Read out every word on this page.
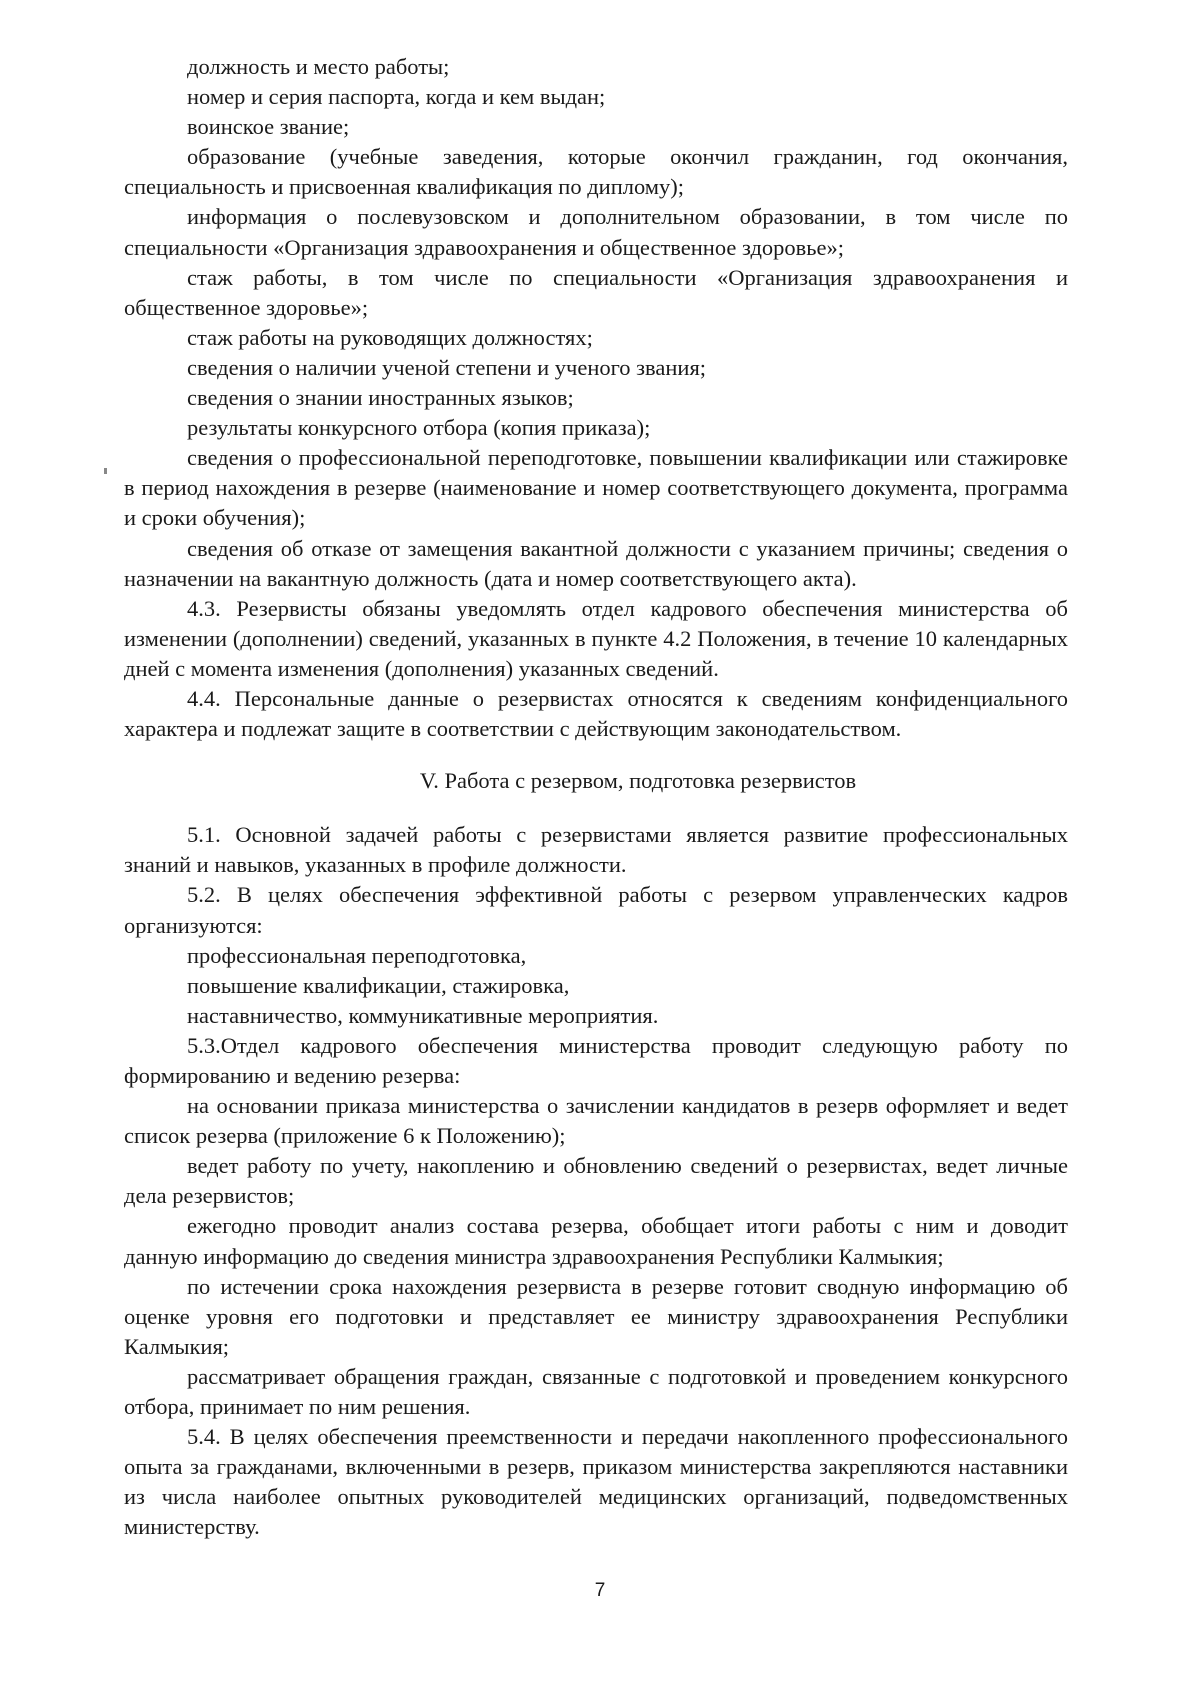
должность и место работы;

номер и серия паспорта, когда и кем выдан;

воинское звание;

образование (учебные заведения, которые окончил гражданин, год окончания, специальность и присвоенная квалификация по диплому);

информация о послевузовском и дополнительном образовании, в том числе по специальности «Организация здравоохранения и общественное здоровье»;

стаж работы, в том числе по специальности «Организация здравоохранения и общественное здоровье»;

стаж работы на руководящих должностях;

сведения о наличии ученой степени и ученого звания;

сведения о знании иностранных языков;

результаты конкурсного отбора (копия приказа);

сведения о профессиональной переподготовке, повышении квалификации или стажировке в период нахождения в резерве (наименование и номер соответствующего документа, программа и сроки обучения);

сведения об отказе от замещения вакантной должности с указанием причины; сведения о назначении на вакантную должность (дата и номер соответствующего акта).

4.3. Резервисты обязаны уведомлять отдел кадрового обеспечения министерства об изменении (дополнении) сведений, указанных в пункте 4.2 Положения, в течение 10 календарных дней с момента изменения (дополнения) указанных сведений.

4.4. Персональные данные о резервистах относятся к сведениям конфиденциального характера и подлежат защите в соответствии с действующим законодательством.

V. Работа с резервом, подготовка резервистов

5.1. Основной задачей работы с резервистами является развитие профессиональных знаний и навыков, указанных в профиле должности.

5.2. В целях обеспечения эффективной работы с резервом управленческих кадров организуются:

профессиональная переподготовка,

повышение квалификации, стажировка,

наставничество, коммуникативные мероприятия.

5.3.Отдел кадрового обеспечения министерства проводит следующую работу по формированию и ведению резерва:

на основании приказа министерства о зачислении кандидатов в резерв оформляет и ведет список резерва (приложение 6 к Положению);

ведет работу по учету, накоплению и обновлению сведений о резервистах, ведет личные дела резервистов;

ежегодно проводит анализ состава резерва, обобщает итоги работы с ним и доводит данную информацию до сведения министра здравоохранения Республики Калмыкия;

по истечении срока нахождения резервиста в резерве готовит сводную информацию об оценке уровня его подготовки и представляет ее министру здравоохранения Республики Калмыкия;

рассматривает обращения граждан, связанные с подготовкой и проведением конкурсного отбора, принимает по ним решения.

5.4. В целях обеспечения преемственности и передачи накопленного профессионального опыта за гражданами, включенными в резерв, приказом министерства закрепляются наставники из числа наиболее опытных руководителей медицинских организаций, подведомственных министерству.

7
